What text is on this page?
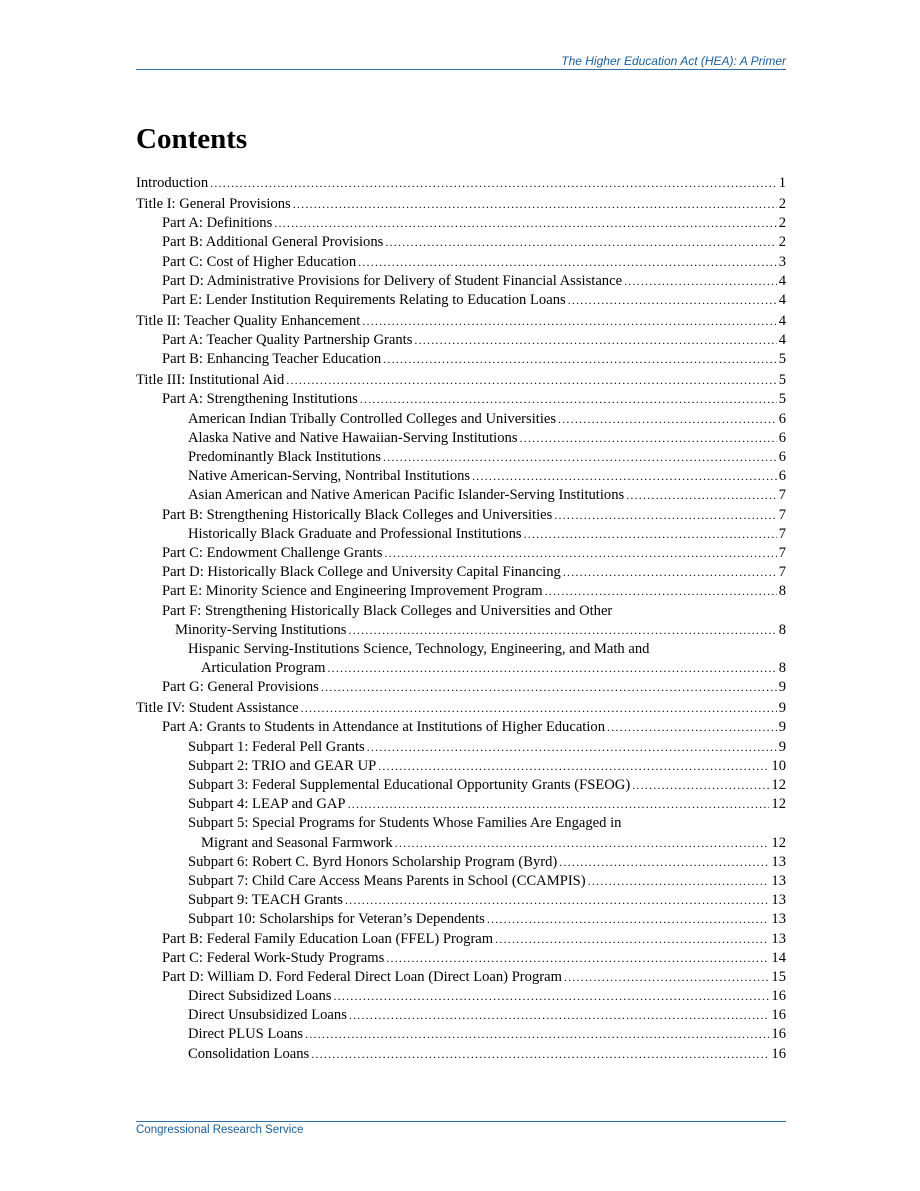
The Higher Education Act (HEA): A Primer
Contents
Introduction .....	1
Title I: General Provisions .....	2
Part A: Definitions .....	2
Part B: Additional General Provisions .....	2
Part C: Cost of Higher Education .....	3
Part D: Administrative Provisions for Delivery of Student Financial Assistance .....	4
Part E: Lender Institution Requirements Relating to Education Loans .....	4
Title II: Teacher Quality Enhancement .....	4
Part A: Teacher Quality Partnership Grants .....	4
Part B: Enhancing Teacher Education .....	5
Title III: Institutional Aid .....	5
Part A: Strengthening Institutions .....	5
American Indian Tribally Controlled Colleges and Universities .....	6
Alaska Native and Native Hawaiian-Serving Institutions .....	6
Predominantly Black Institutions .....	6
Native American-Serving, Nontribal Institutions .....	6
Asian American and Native American Pacific Islander-Serving Institutions .....	7
Part B: Strengthening Historically Black Colleges and Universities .....	7
Historically Black Graduate and Professional Institutions .....	7
Part C: Endowment Challenge Grants .....	7
Part D: Historically Black College and University Capital Financing .....	7
Part E: Minority Science and Engineering Improvement Program .....	8
Part F: Strengthening Historically Black Colleges and Universities and Other
Minority-Serving Institutions .....	8
Hispanic Serving-Institutions Science, Technology, Engineering, and Math and
Articulation Program .....	8
Part G: General Provisions .....	9
Title IV: Student Assistance .....	9
Part A: Grants to Students in Attendance at Institutions of Higher Education .....	9
Subpart 1: Federal Pell Grants .....	9
Subpart 2: TRIO and GEAR UP .....	10
Subpart 3: Federal Supplemental Educational Opportunity Grants (FSEOG) .....	12
Subpart 4: LEAP and GAP .....	12
Subpart 5: Special Programs for Students Whose Families Are Engaged in
Migrant and Seasonal Farmwork .....	12
Subpart 6: Robert C. Byrd Honors Scholarship Program (Byrd) .....	13
Subpart 7: Child Care Access Means Parents in School (CCAMPIS) .....	13
Subpart 9: TEACH Grants .....	13
Subpart 10: Scholarships for Veteran’s Dependents .....	13
Part B: Federal Family Education Loan (FFEL) Program .....	13
Part C: Federal Work-Study Programs .....	14
Part D: William D. Ford Federal Direct Loan (Direct Loan) Program .....	15
Direct Subsidized Loans .....	16
Direct Unsubsidized Loans .....	16
Direct PLUS Loans .....	16
Consolidation Loans .....	16
Congressional Research Service
